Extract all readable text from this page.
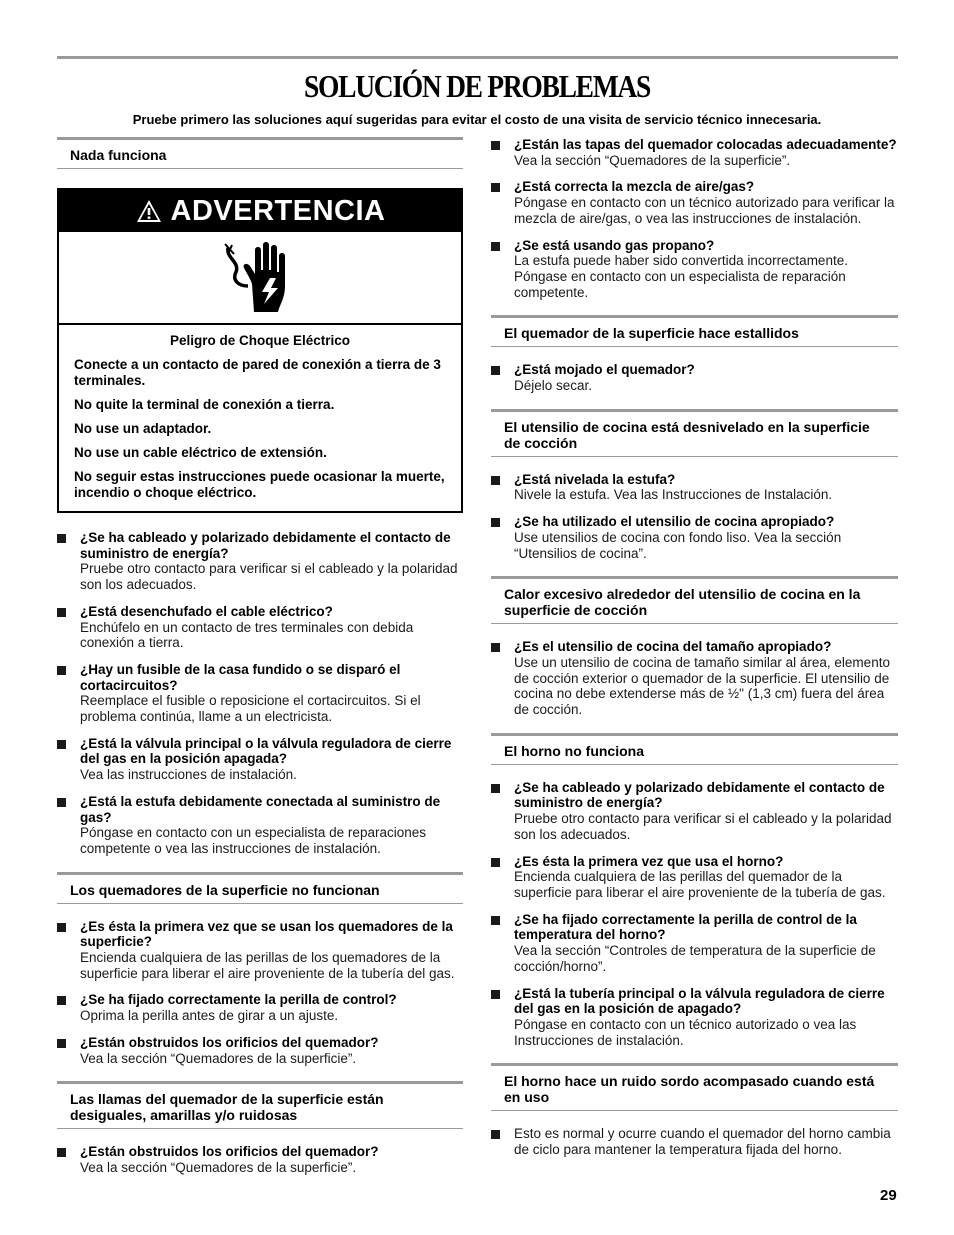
SOLUCIÓN DE PROBLEMAS

Pruebe primero las soluciones aquí sugeridas para evitar el costo de una visita de servicio técnico innecesaria.

Nada funciona
ADVERTENCIA

Peligro de Choque Eléctrico

Conecte a un contacto de pared de conexión a tierra de 3 terminales.

No quite la terminal de conexión a tierra.

No use un adaptador.

No use un cable eléctrico de extensión.

No seguir estas instrucciones puede ocasionar la muerte, incendio o choque eléctrico.

¿Se ha cableado y polarizado debidamente el contacto de suministro de energía?
Pruebe otro contacto para verificar si el cableado y la polaridad son los adecuados.
¿Está desenchufado el cable eléctrico?
Enchúfelo en un contacto de tres terminales con debida conexión a tierra.
¿Hay un fusible de la casa fundido o se disparó el cortacircuitos?
Reemplace el fusible o reposicione el cortacircuitos. Si el problema continúa, llame a un electricista.
¿Está la válvula principal o la válvula reguladora de cierre del gas en la posición apagada?
Vea las instrucciones de instalación.
¿Está la estufa debidamente conectada al suministro de gas?
Póngase en contacto con un especialista de reparaciones competente o vea las instrucciones de instalación.
Los quemadores de la superficie no funcionan
¿Es ésta la primera vez que se usan los quemadores de la superficie?
Encienda cualquiera de las perillas de los quemadores de la superficie para liberar el aire proveniente de la tubería del gas.
¿Se ha fijado correctamente la perilla de control?
Oprima la perilla antes de girar a un ajuste.
¿Están obstruidos los orificios del quemador?
Vea la sección “Quemadores de la superficie”.
Las llamas del quemador de la superficie están desiguales, amarillas y/o ruidosas
¿Están obstruidos los orificios del quemador?
Vea la sección “Quemadores de la superficie”.
¿Están las tapas del quemador colocadas adecuadamente?
Vea la sección “Quemadores de la superficie”.
¿Está correcta la mezcla de aire/gas?
Póngase en contacto con un técnico autorizado para verificar la mezcla de aire/gas, o vea las instrucciones de instalación.
¿Se está usando gas propano?
La estufa puede haber sido convertida incorrectamente. Póngase en contacto con un especialista de reparación competente.
El quemador de la superficie hace estallidos
¿Está mojado el quemador?
Déjelo secar.
El utensilio de cocina está desnivelado en la superficie de cocción
¿Está nivelada la estufa?
Nivele la estufa. Vea las Instrucciones de Instalación.
¿Se ha utilizado el utensilio de cocina apropiado?
Use utensilios de cocina con fondo liso. Vea la sección “Utensilios de cocina”.
Calor excesivo alrededor del utensilio de cocina en la superficie de cocción
¿Es el utensilio de cocina del tamaño apropiado?
Use un utensilio de cocina de tamaño similar al área, elemento de cocción exterior o quemador de la superficie. El utensilio de cocina no debe extenderse más de ½" (1,3 cm) fuera del área de cocción.
El horno no funciona
¿Se ha cableado y polarizado debidamente el contacto de suministro de energía?
Pruebe otro contacto para verificar si el cableado y la polaridad son los adecuados.
¿Es ésta la primera vez que usa el horno?
Encienda cualquiera de las perillas del quemador de la superficie para liberar el aire proveniente de la tubería de gas.
¿Se ha fijado correctamente la perilla de control de la temperatura del horno?
Vea la sección “Controles de temperatura de la superficie de cocción/horno”.
¿Está la tubería principal o la válvula reguladora de cierre del gas en la posición de apagado?
Póngase en contacto con un técnico autorizado o vea las Instrucciones de instalación.
El horno hace un ruido sordo acompasado cuando está en uso
Esto es normal y ocurre cuando el quemador del horno cambia de ciclo para mantener la temperatura fijada del horno.
29
